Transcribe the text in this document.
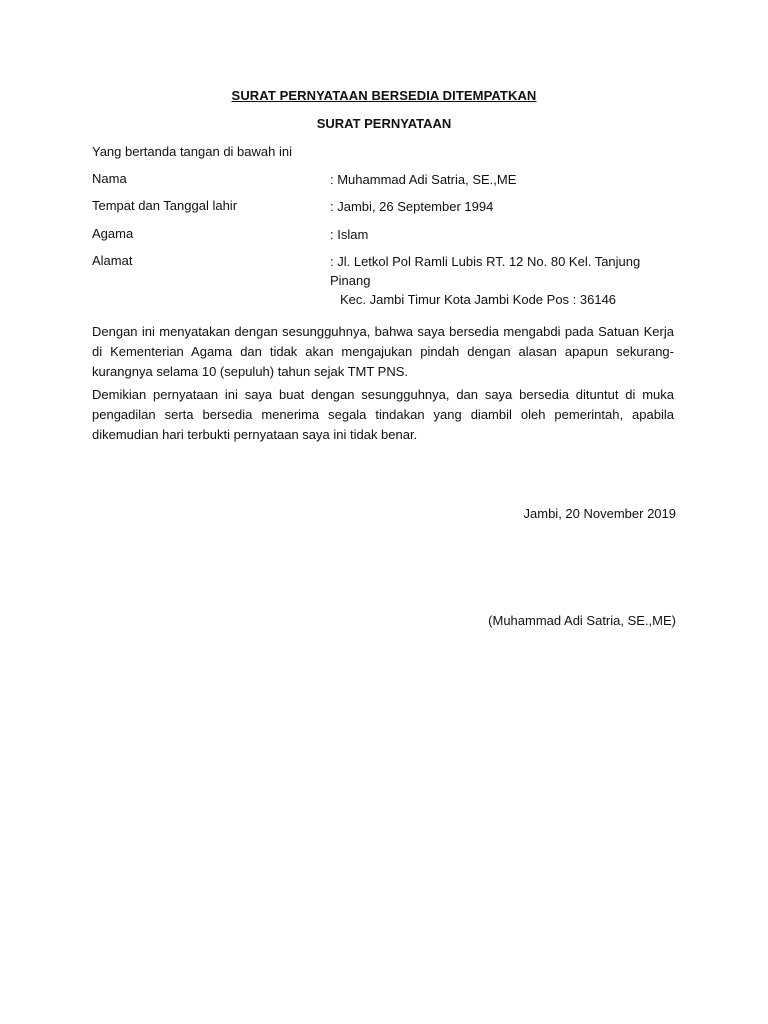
SURAT PERNYATAAN BERSEDIA DITEMPATKAN
SURAT PERNYATAAN
Yang bertanda tangan di bawah ini
Nama	: Muhammad Adi Satria, SE.,ME
Tempat dan Tanggal lahir	: Jambi, 26 September 1994
Agama	: Islam
Alamat	: Jl. Letkol Pol Ramli Lubis RT. 12 No. 80 Kel. Tanjung Pinang
Kec. Jambi Timur Kota Jambi Kode Pos : 36146
Dengan ini menyatakan dengan sesungguhnya, bahwa saya bersedia mengabdi pada Satuan Kerja di Kementerian Agama dan tidak akan mengajukan pindah dengan alasan apapun sekurang-kurangnya selama 10 (sepuluh) tahun sejak TMT PNS.
Demikian pernyataan ini saya buat dengan sesungguhnya, dan saya bersedia dituntut di muka pengadilan serta bersedia menerima segala tindakan yang diambil oleh pemerintah, apabila dikemudian hari terbukti pernyataan saya ini tidak benar.
Jambi, 20 November 2019
(Muhammad Adi Satria, SE.,ME)
